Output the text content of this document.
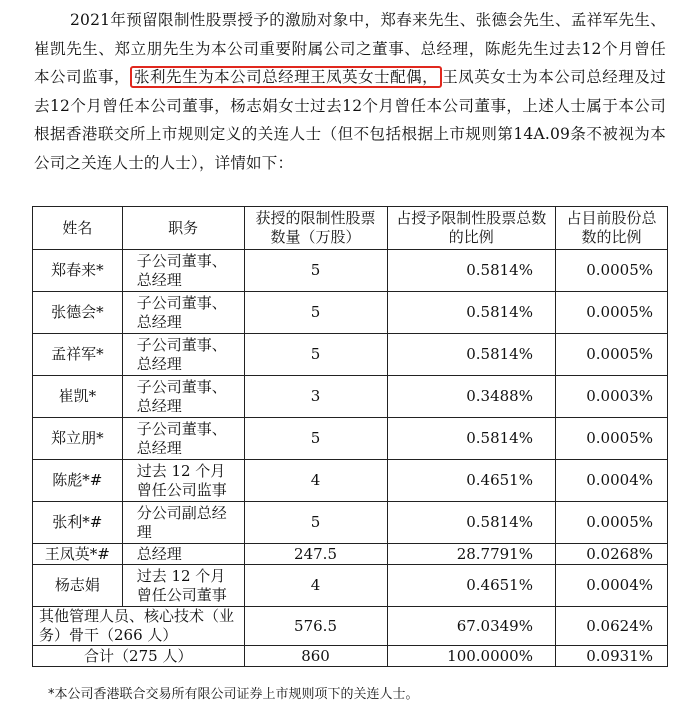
2021年预留限制性股票授予的激励对象中，郑春来先生、张德会先生、孟祥军先生、崔凯先生、郑立朋先生为本公司重要附属公司之董事、总经理，陈彪先生过去12个月曾任本公司监事， 张利先生为本公司总经理王凤英女士配偶， 王凤英女士为本公司总经理及过去12个月曾任本公司董事，杨志娟女士过去12个月曾任本公司董事，上述人士属于本公司根据香港联交所上市规则定义的关连人士（但不包括根据上市规则第14A.09条不被视为本公司之关连人士的人士），详情如下：
姓名	职务	获授的限制性股票数量（万股）	占授予限制性股票总数的比例	占目前股份总数的比例
郑春来*	子公司董事、总经理	5	0.5814%	0.0005%
张德会*	子公司董事、总经理	5	0.5814%	0.0005%
孟祥军*	子公司董事、总经理	5	0.5814%	0.0005%
崔凯*	子公司董事、总经理	3	0.3488%	0.0003%
郑立朋*	子公司董事、总经理	5	0.5814%	0.0005%
陈彪*#	过去 12 个月曾任公司监事	4	0.4651%	0.0004%
张利*#	分公司副总经理	5	0.5814%	0.0005%
王凤英*#	总经理	247.5	28.7791%	0.0268%
杨志娟	过去 12 个月曾任公司董事	4	0.4651%	0.0004%
其他管理人员、核心技术（业务）骨干（266 人）		576.5	67.0349%	0.0624%
合计（275 人）		860	100.0000%	0.0931%
*本公司香港联合交易所有限公司证券上市规则项下的关连人士。
